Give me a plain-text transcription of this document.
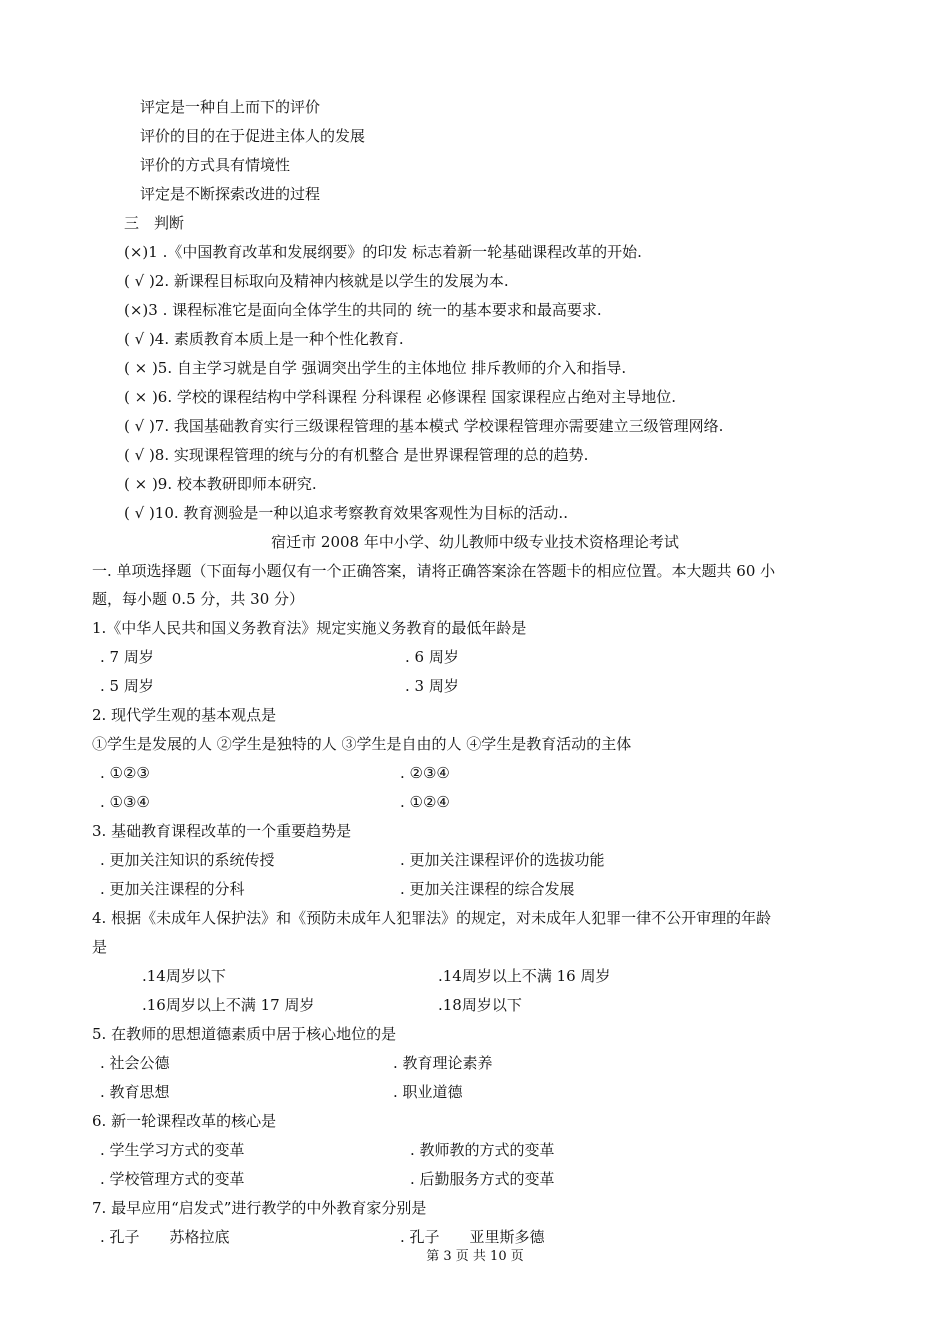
评定是一种自上而下的评价
评价的目的在于促进主体人的发展
评价的方式具有情境性
评定是不断探索改进的过程
三　判断
(×)1 .《中国教育改革和发展纲要》的印发 标志着新一轮基础课程改革的开始.
( √ )2. 新课程目标取向及精神内核就是以学生的发展为本.
(×)3 . 课程标准它是面向全体学生的共同的 统一的基本要求和最高要求.
( √ )4. 素质教育本质上是一种个性化教育.
( × )5. 自主学习就是自学 强调突出学生的主体地位 排斥教师的介入和指导.
( × )6. 学校的课程结构中学科课程 分科课程 必修课程 国家课程应占绝对主导地位.
( √ )7. 我国基础教育实行三级课程管理的基本模式 学校课程管理亦需要建立三级管理网络.
( √ )8. 实现课程管理的统与分的有机整合 是世界课程管理的总的趋势.
( × )9. 校本教研即师本研究.
( √ )10. 教育测验是一种以追求考察教育效果客观性为目标的活动..
宿迁市 2008 年中小学、幼儿教师中级专业技术资格理论考试
一. 单项选择题（下面每小题仅有一个正确答案，请将正确答案涂在答题卡的相应位置。本大题共 60 小
题，每小题 0.5 分，共 30 分）
1.《中华人民共和国义务教育法》规定实施义务教育的最低年龄是
. 7 周岁	. 6 周岁
. 5 周岁	. 3 周岁
2. 现代学生观的基本观点是
①学生是发展的人 ②学生是独特的人 ③学生是自由的人 ④学生是教育活动的主体
. ①②③	. ②③④
. ①③④	. ①②④
3. 基础教育课程改革的一个重要趋势是
. 更加关注知识的系统传授	. 更加关注课程评价的选拔功能
. 更加关注课程的分科	. 更加关注课程的综合发展
4. 根据《未成年人保护法》和《预防未成年人犯罪法》的规定，对未成年人犯罪一律不公开审理的年龄
是
.14周岁以下	.14周岁以上不满 16 周岁
.16周岁以上不满 17 周岁	.18周岁以下
5. 在教师的思想道德素质中居于核心地位的是
. 社会公德	. 教育理论素养
. 教育思想	. 职业道德
6. 新一轮课程改革的核心是
. 学生学习方式的变革	. 教师教的方式的变革
. 学校管理方式的变革	. 后勤服务方式的变革
7. 最早应用“启发式”进行教学的中外教育家分别是
. 孔子　　苏格拉底	. 孔子　　亚里斯多德
第 3 页 共 10 页
